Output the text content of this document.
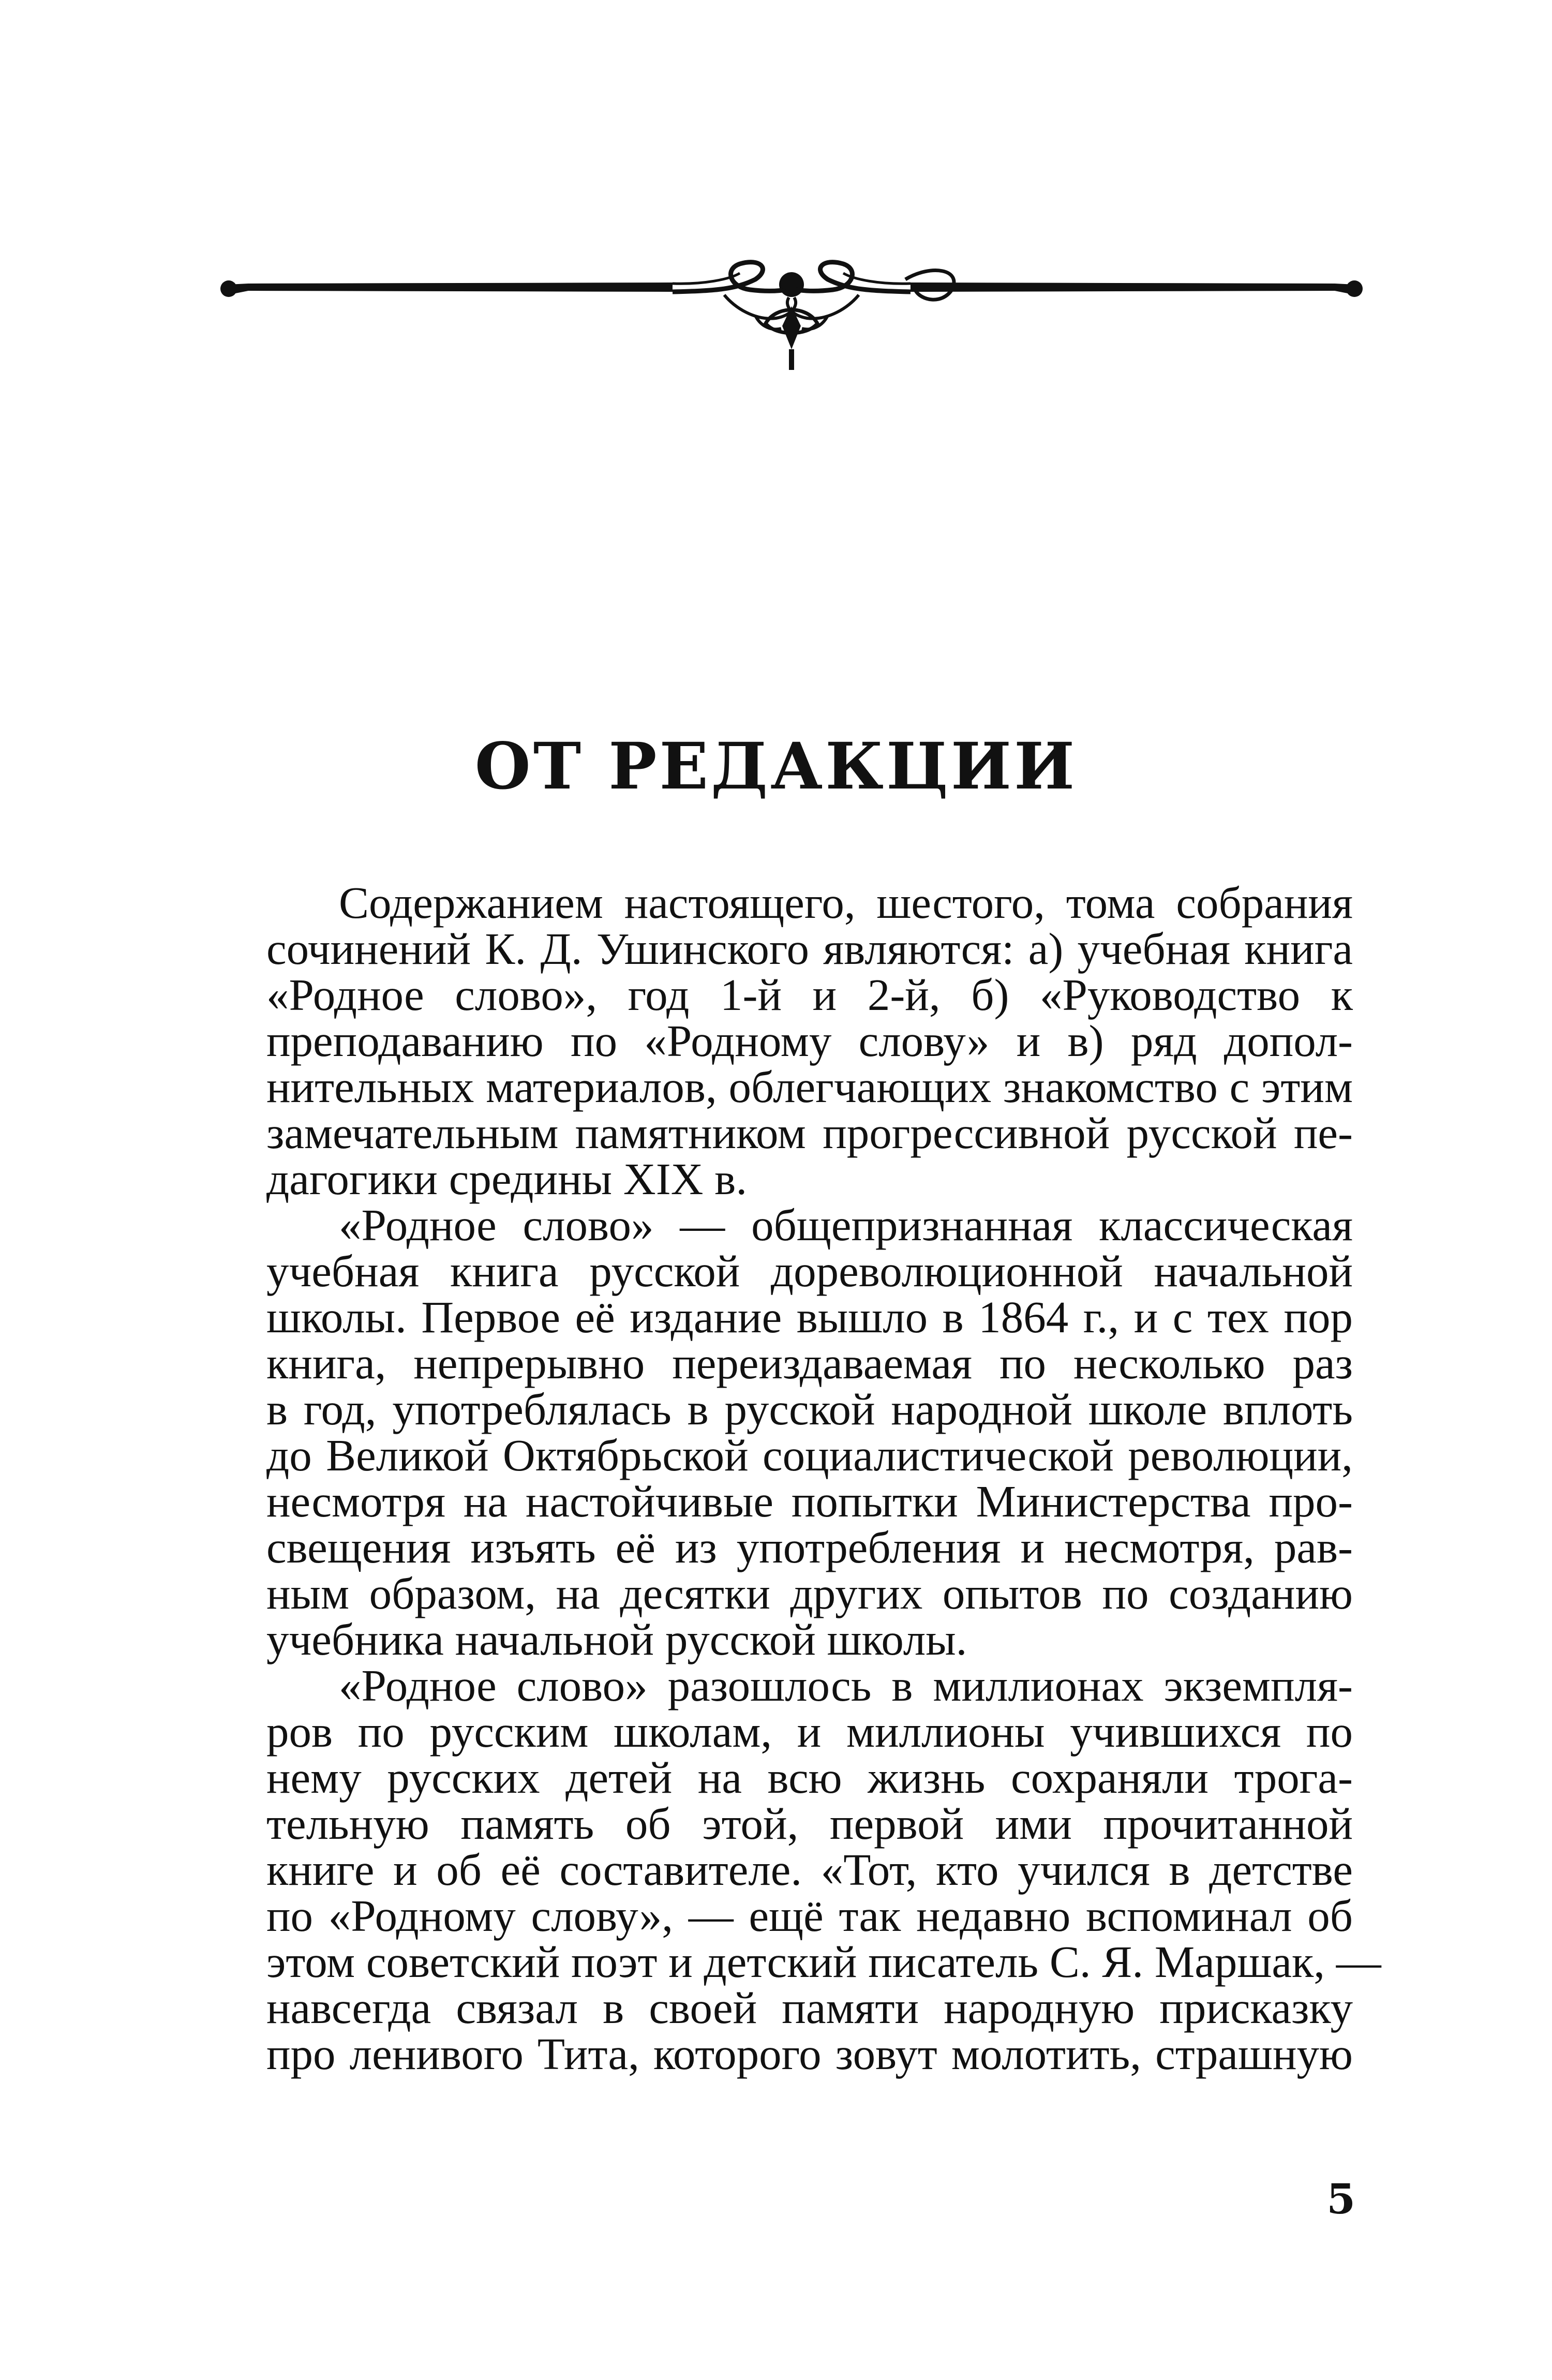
ОТ РЕДАКЦИИ
Содержанием настоящего, шестого, тома собрания
сочинений К. Д. Ушинского являются: а) учебная книга
«Родное слово», год 1-й и 2-й, б) «Руководство к
преподаванию по «Родному слову» и в) ряд допол-
нительных материалов, облегчающих знакомство с этим
замечательным памятником прогрессивной русской пе-
дагогики средины XIX в.
«Родное слово» — общепризнанная классическая
учебная книга русской дореволюционной начальной
школы. Первое её издание вышло в 1864 г., и с тех пор
книга, непрерывно переиздаваемая по несколько раз
в год, употреблялась в русской народной школе вплоть
до Великой Октябрьской социалистической революции,
несмотря на настойчивые попытки Министерства про-
свещения изъять её из употребления и несмотря, рав-
ным образом, на десятки других опытов по созданию
учебника начальной русской школы.
«Родное слово» разошлось в миллионах экземпля-
ров по русским школам, и миллионы учившихся по
нему русских детей на всю жизнь сохраняли трога-
тельную память об этой, первой ими прочитанной
книге и об её составителе. «Тот, кто учился в детстве
по «Родному слову», — ещё так недавно вспоминал об
этом советский поэт и детский писатель С. Я. Маршак, —
навсегда связал в своей памяти народную присказку
про ленивого Тита, которого зовут молотить, страшную
5
